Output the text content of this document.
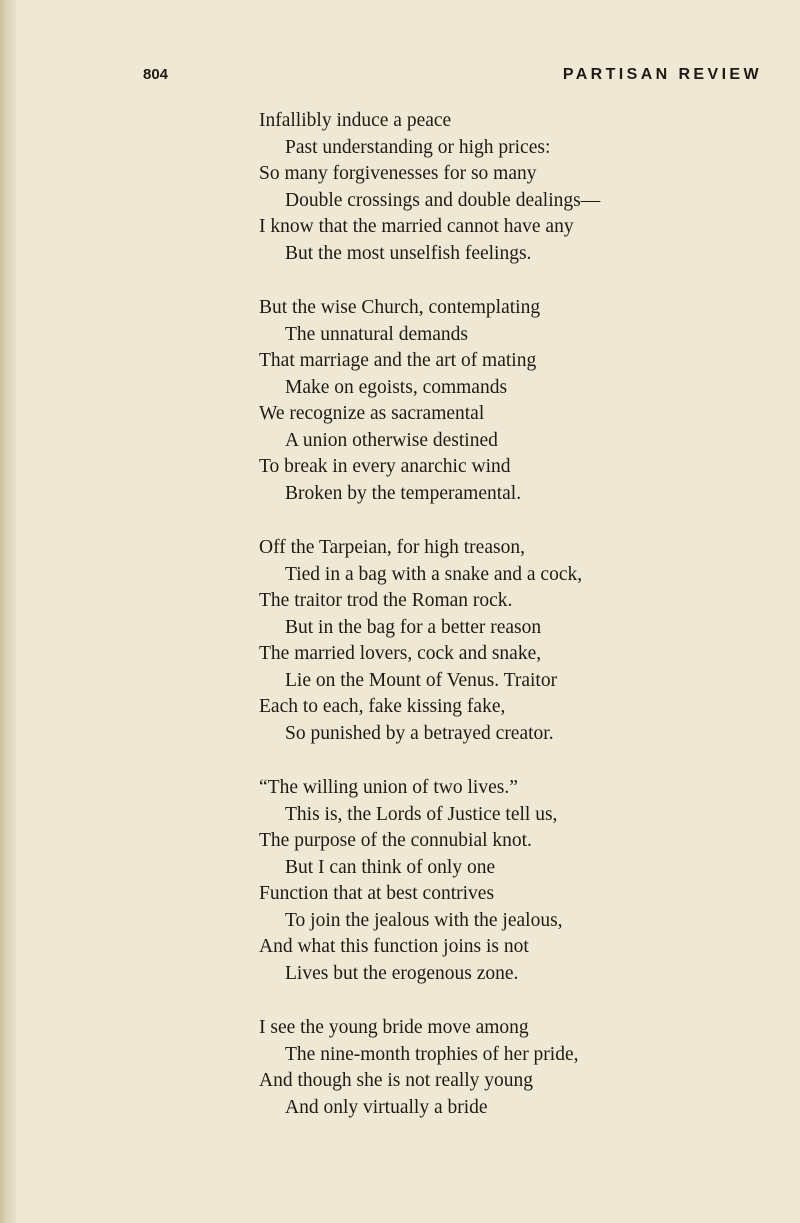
804	PARTISAN REVIEW
Infallibly induce a peace
Past understanding or high prices:
So many forgivenesses for so many
Double crossings and double dealings—
I know that the married cannot have any
But the most unselfish feelings.
But the wise Church, contemplating
The unnatural demands
That marriage and the art of mating
Make on egoists, commands
We recognize as sacramental
A union otherwise destined
To break in every anarchic wind
Broken by the temperamental.
Off the Tarpeian, for high treason,
Tied in a bag with a snake and a cock,
The traitor trod the Roman rock.
But in the bag for a better reason
The married lovers, cock and snake,
Lie on the Mount of Venus. Traitor
Each to each, fake kissing fake,
So punished by a betrayed creator.
“The willing union of two lives.”
This is, the Lords of Justice tell us,
The purpose of the connubial knot.
But I can think of only one
Function that at best contrives
To join the jealous with the jealous,
And what this function joins is not
Lives but the erogenous zone.
I see the young bride move among
The nine-month trophies of her pride,
And though she is not really young
And only virtually a bride
